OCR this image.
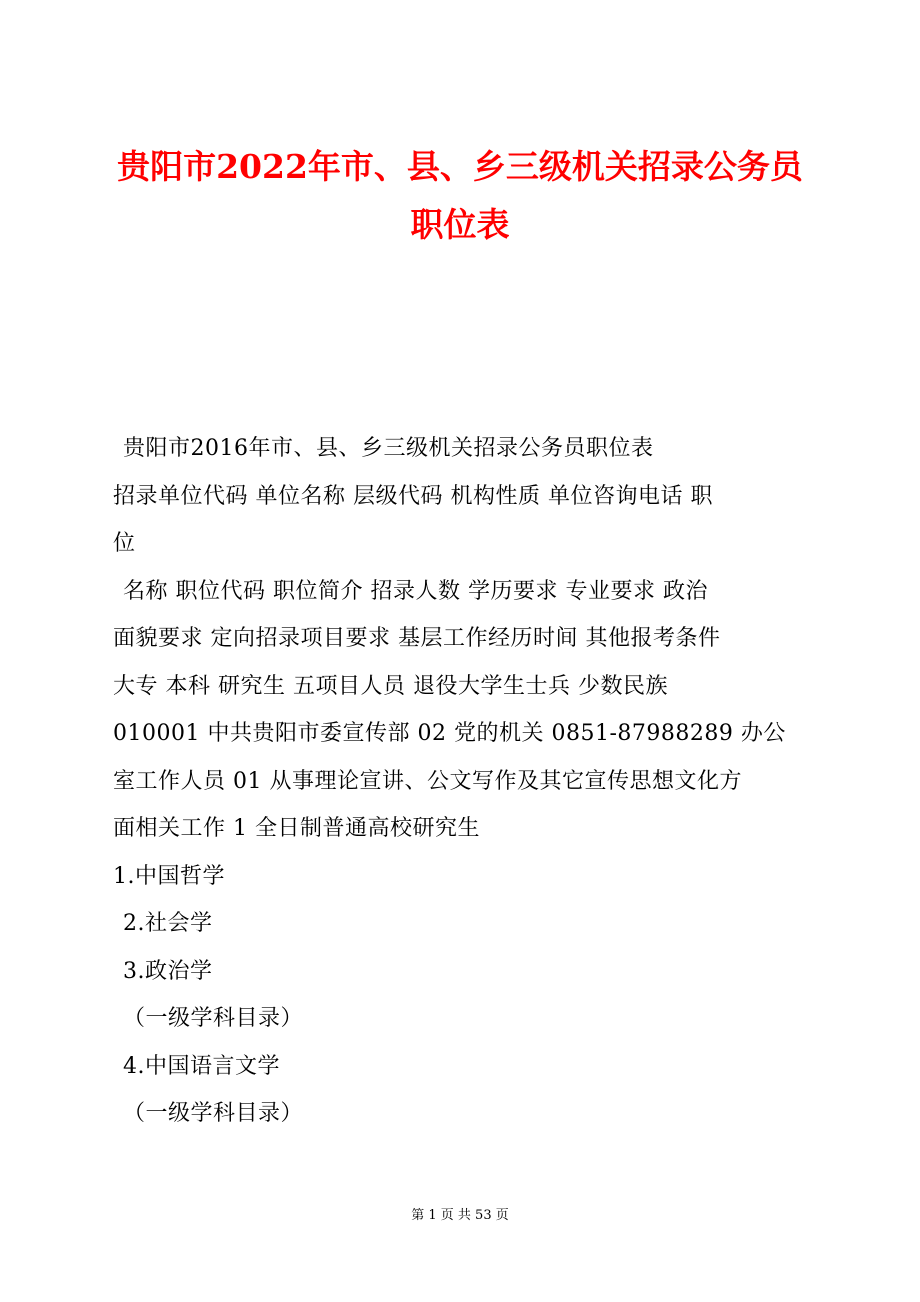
贵阳市2022年市、县、乡三级机关招录公务员
职位表
贵阳市2016年市、县、乡三级机关招录公务员职位表
招录单位代码 单位名称 层级代码 机构性质 单位咨询电话 职
位
名称 职位代码 职位简介 招录人数 学历要求 专业要求 政治
面貌要求 定向招录项目要求 基层工作经历时间 其他报考条件
大专 本科 研究生 五项目人员 退役大学生士兵 少数民族
010001 中共贵阳市委宣传部 02 党的机关 0851-87988289 办公
室工作人员 01 从事理论宣讲、公文写作及其它宣传思想文化方
面相关工作 1 全日制普通高校研究生
1.中国哲学
2.社会学
3.政治学
（一级学科目录）
4.中国语言文学
（一级学科目录）
第 1 页 共 53 页
